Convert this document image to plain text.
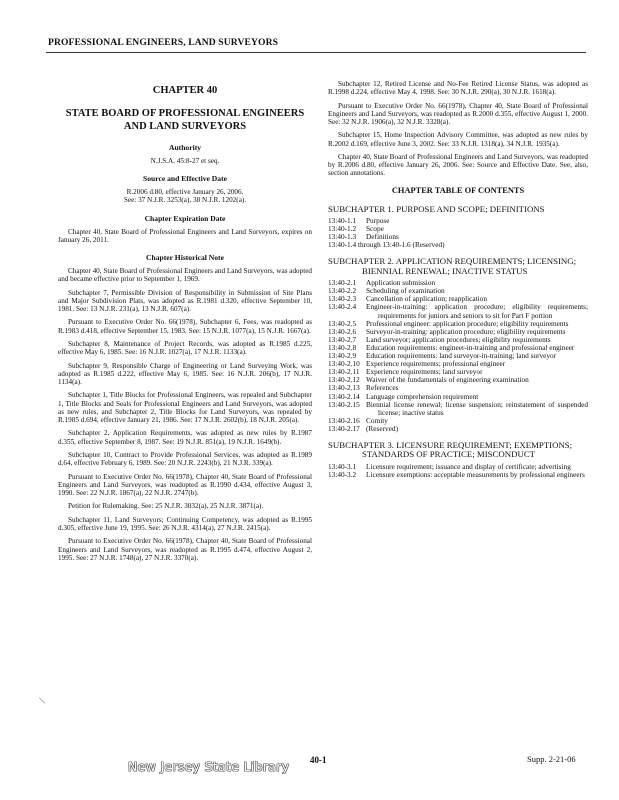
PROFESSIONAL ENGINEERS, LAND SURVEYORS
CHAPTER 40
STATE BOARD OF PROFESSIONAL ENGINEERS
AND LAND SURVEYORS
Authority
N.J.S.A. 45:8-27 et seq.
Source and Effective Date
R.2006 d.80, effective January 26, 2006.
See: 37 N.J.R. 3253(a), 38 N.J.R. 1202(a).
Chapter Expiration Date

Chapter 40, State Board of Professional Engineers and Land Surveyors, expires on January 26, 2011.

Chapter Historical Note

Chapter 40, State Board of Professional Engineers and Land Surveyors, was adopted and became effective prior to September 1, 1969.

Subchapter 7, Permissible Division of Responsibility in Submission of Site Plans and Major Subdivision Plats, was adopted as R.1981 d.320, effective September 10, 1981. See: 13 N.J.R. 231(a), 13 N.J.R. 607(a).

Pursuant to Executive Order No. 66(1978), Subchapter 6, Fees, was readopted as R.1983 d.418, effective September 15, 1983. See: 15 N.J.R. 1077(a), 15 N.J.R. 1667(a).

Subchapter 8, Maintenance of Project Records, was adopted as R.1985 d.225, effective May 6, 1985. See: 16 N.J.R. 1027(a), 17 N.J.R. 1133(a).

Subchapter 9, Responsible Charge of Engineering or Land Surveying Work, was adopted as R.1985 d.222, effective May 6, 1985. See: 16 N.J.R. 206(b), 17 N.J.R. 1134(a).

Subchapter 1, Title Blocks for Professional Engineers, was repealed and Subchapter 1, Title Blocks and Seals for Professional Engineers and Land Surveyors, was adopted as new rules, and Subchapter 2, Title Blocks for Land Surveyors, was repealed by R.1985 d.694, effective January 21, 1986. See: 17 N.J.R. 2602(b), 18 N.J.R. 205(a).

Subchapter 2, Application Requirements, was adopted as new rules by R.1987 d.355, effective September 8, 1987. See: 19 N.J.R. 851(a), 19 N.J.R. 1649(b).

Subchapter 10, Contract to Provide Professional Services, was adopted as R.1989 d.64, effective February 6, 1989. See: 20 N.J.R. 2243(b), 21 N.J.R. 339(a).

Pursuant to Executive Order No. 66(1978), Chapter 40, State Board of Professional Engineers and Land Surveyors, was readopted as R.1990 d.434, effective August 3, 1990. See: 22 N.J.R. 1867(a), 22 N.J.R. 2747(b).

Petition for Rulemaking. See: 25 N.J.R. 3032(a), 25 N.J.R. 3871(a).

Subchapter 11, Land Surveyors; Continuing Competency, was adopted as R.1995 d.305, effective June 19, 1995. See: 26 N.J.R. 4314(a), 27 N.J.R. 2415(a).

Pursuant to Executive Order No. 66(1978), Chapter 40, State Board of Professional Engineers and Land Surveyors, was readopted as R.1995 d.474, effective August 2, 1995. See: 27 N.J.R. 1748(a), 27 N.J.R. 3370(a).

Subchapter 12, Retired License and No-Fee Retired License Status, was adopted as R.1998 d.224, effective May 4, 1998. See: 30 N.J.R. 290(a), 30 N.J.R. 1618(a).

Pursuant to Executive Order No. 66(1978), Chapter 40, State Board of Professional Engineers and Land Surveyors, was readopted as R.2000 d.355, effective August 1, 2000. See: 32 N.J.R. 1906(a), 32 N.J.R. 3328(a).

Subchapter 15, Home Inspection Advisory Committee, was adopted as new rules by R.2002 d.169, effective June 3, 2002. See: 33 N.J.R. 1318(a), 34 N.J.R. 1935(a).

Chapter 40, State Board of Professional Engineers and Land Surveyors, was readopted by R.2006 d.80, effective January 26, 2006. See: Source and Effective Date. See, also, section annotations.

CHAPTER TABLE OF CONTENTS
SUBCHAPTER 1. PURPOSE AND SCOPE; DEFINITIONS
13:40-1.1	Purpose
13:40-1.2	Scope
13:40-1.3	Definitions
13:40-1.4 through 13:40-1.6 (Reserved)	
SUBCHAPTER 2. APPLICATION REQUIREMENTS; LICENSING; BIENNIAL RENEWAL; INACTIVE STATUS
13:40-2.1	Application submission
13:40-2.2	Scheduling of examination
13:40-2.3	Cancellation of application; reapplication
13:40-2.4	Engineer-in-training: application procedure; eligibility requirements; requirements for juniors and seniors to sit for Part F portion
13:40-2.5	Professional engineer: application procedure; eligibility requirements
13:40-2.6	Surveyor-in-training: application procedure; eligibility requirements
13:40-2.7	Land surveyor; application procedures; eligibility requirements
13:40-2.8	Education requirements: engineer-in-training and professional engineer
13:40-2.9	Education requirements: land surveyor-in-training; land surveyor
13:40-2.10	Experience requirements; professional engineer
13:40-2.11	Experience requirements; land surveyor
13:40-2.12	Waiver of the fundamentals of engineering examination
13:40-2.13	References
13:40-2.14	Language comprehension requirement
13:40-2.15	Biennial license renewal; license suspension; reinstatement of suspended license; inactive status
13:40-2.16	Comity
13:40-2.17	(Reserved)
SUBCHAPTER 3. LICENSURE REQUIREMENT; EXEMPTIONS; STANDARDS OF PRACTICE; MISCONDUCT
13:40-3.1	Licensure requirement; issuance and display of certificate; advertising
13:40-3.2	Licensure exemptions: acceptable measurements by professional engineers
New Jersey State Library 40-1	Supp. 2-21-06
